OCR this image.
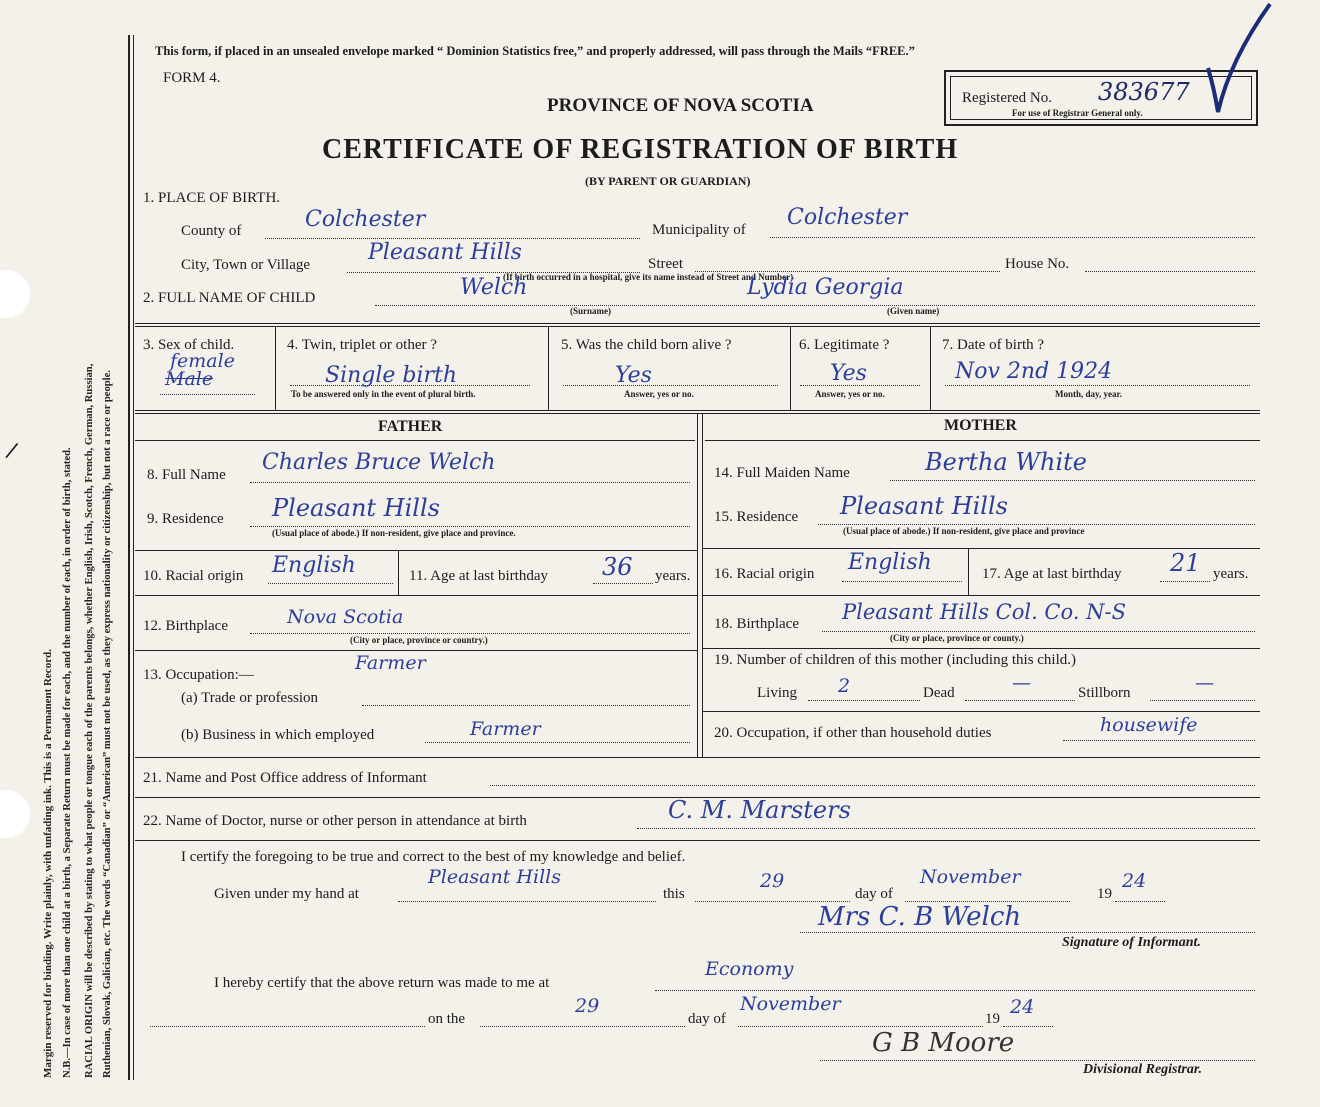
Margin reserved for binding. Write plainly, with unfading ink. This is a Permanent Record. N.B.—In case of more than one child at a birth, a Separate Return must be made for each, and the number of each, in order of birth, stated. RACIAL ORIGIN will be described by stating to what people or tongue each of the parents belongs, whether English, Irish, Scotch, French, German, Russian, Ruthenian, Slovak, Galician, etc. The words “Canadian” or “American” must not be used, as they express nationality or citizenship, but not a race or people.
/
This form, if placed in an unsealed envelope marked “ Dominion Statistics free,” and properly addressed, will pass through the Mails “FREE.”
FORM 4.
PROVINCE OF NOVA SCOTIA
CERTIFICATE OF REGISTRATION OF BIRTH
(BY PARENT OR GUARDIAN)
Registered No. 383677
For use of Registrar General only.
1. PLACE OF BIRTH.
County of	Colchester	Municipality of Colchester
City, Town or Village	Pleasant Hills	Street	House No.
(If birth occurred in a hospital, give its name instead of Street and Number)
2. FULL NAME OF CHILD	Welch	Lydia Georgia
(Surname)	(Given name)
3. Sex of child.
female
Male
4. Twin, triplet or other ?
Single birth
To be answered only in the event of plural birth.
5. Was the child born alive ?
Yes
Answer, yes or no.
6. Legitimate ?
Yes
Answer, yes or no.
7. Date of birth ?
Nov 2nd 1924
Month, day, year.
FATHER	MOTHER
8. Full Name Charles Bruce Welch
9. Residence Pleasant Hills
(Usual place of abode.) If non-resident, give place and province.
10. Racial origin English	11. Age at last birthday 36 years.
12. Birthplace	Nova Scotia
(City or place, province or country.)
13. Occupation:—
Farmer
(a) Trade or profession
(b) Business in which employed	Farmer
14. Full Maiden Name	Bertha White
15. Residence Pleasant Hills
(Usual place of abode.) If non-resident, give place and province
16. Racial origin English	17. Age at last birthday 21 years.
18. Birthplace Pleasant Hills Col. Co. N-S
(City or place, province or county.)
19. Number of children of this mother (including this child.)
Living 2	Dead	—	Stillborn	—
20. Occupation, if other than household duties	housewife
21. Name and Post Office address of Informant
22. Name of Doctor, nurse or other person in attendance at birth	C. M. Marsters
I certify the foregoing to be true and correct to the best of my knowledge and belief.
Given under my hand at
Pleasant Hills
this
29
day of
November
19
24
Mrs C. B Welch
Signature of Informant.
I hereby certify that the above return was made to me at
Economy
on the
29
day of
November
19
24
G B Moore
Divisional Registrar.
